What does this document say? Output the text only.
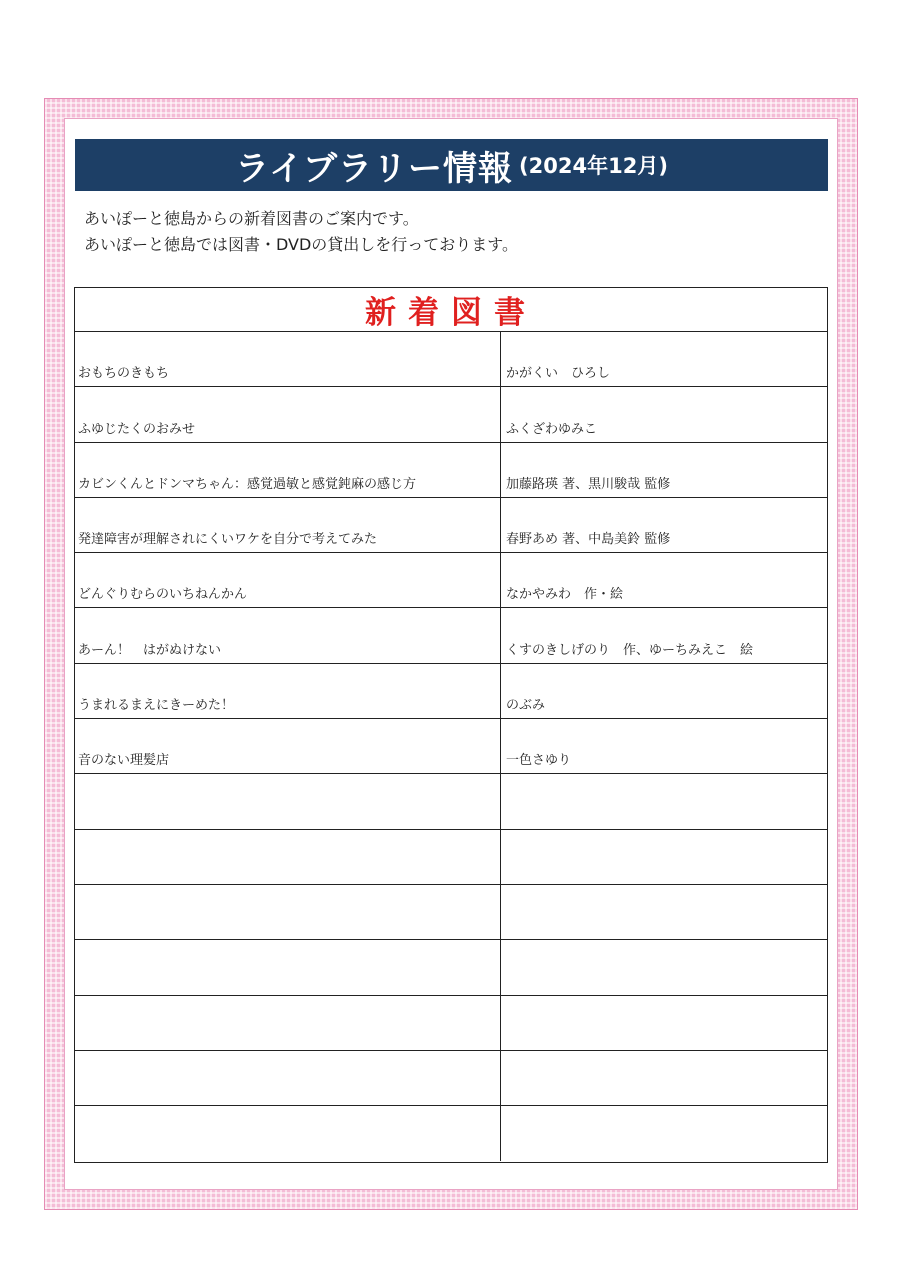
ライブラリー情報 (2024年12月)
あいぽーと徳島からの新着図書のご案内です。
あいぽーと徳島では図書・DVDの貸出しを行っております。
新着図書
おもちのきもち	かがくい　ひろし
ふゆじたくのおみせ	ふくざわゆみこ
カビンくんとドンマちゃん：感覚過敏と感覚鈍麻の感じ方	加藤路瑛 著、黒川駿哉 監修
発達障害が理解されにくいワケを自分で考えてみた	春野あめ 著、中島美鈴 監修
どんぐりむらのいちねんかん	なかやみわ　作・絵
あーん！　はがぬけない	くすのきしげのり　作、ゆーちみえこ　絵
うまれるまえにきーめた！	のぶみ
音のない理髪店	一色さゆり
